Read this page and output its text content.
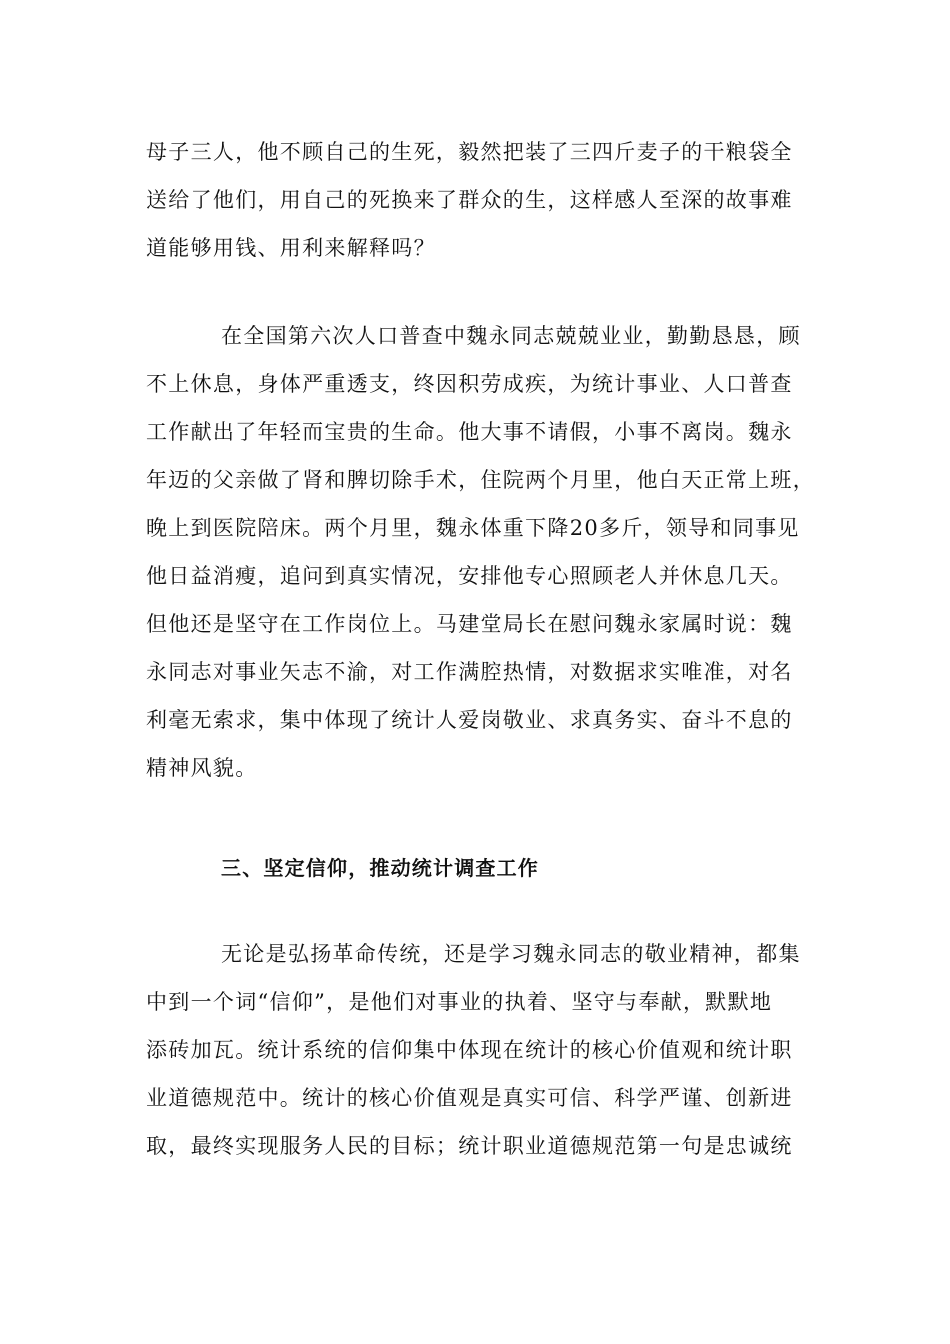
母子三人，他不顾自己的生死，毅然把装了三四斤麦子的干粮袋全
送给了他们，用自己的死换来了群众的生，这样感人至深的故事难
道能够用钱、用利来解释吗？
在全国第六次人口普查中魏永同志兢兢业业，勤勤恳恳，顾
不上休息，身体严重透支，终因积劳成疾，为统计事业、人口普查
工作献出了年轻而宝贵的生命。他大事不请假，小事不离岗。魏永
年迈的父亲做了肾和脾切除手术，住院两个月里，他白天正常上班，
晚上到医院陪床。两个月里，魏永体重下降20多斤，领导和同事见
他日益消瘦，追问到真实情况，安排他专心照顾老人并休息几天。
但他还是坚守在工作岗位上。马建堂局长在慰问魏永家属时说：魏
永同志对事业矢志不渝，对工作满腔热情，对数据求实唯准，对名
利毫无索求，集中体现了统计人爱岗敬业、求真务实、奋斗不息的
精神风貌。
三、坚定信仰，推动统计调查工作
无论是弘扬革命传统，还是学习魏永同志的敬业精神，都集
中到一个词“信仰”，是他们对事业的执着、坚守与奉献，默默地
添砖加瓦。统计系统的信仰集中体现在统计的核心价值观和统计职
业道德规范中。统计的核心价值观是真实可信、科学严谨、创新进
取，最终实现服务人民的目标；统计职业道德规范第一句是忠诚统
